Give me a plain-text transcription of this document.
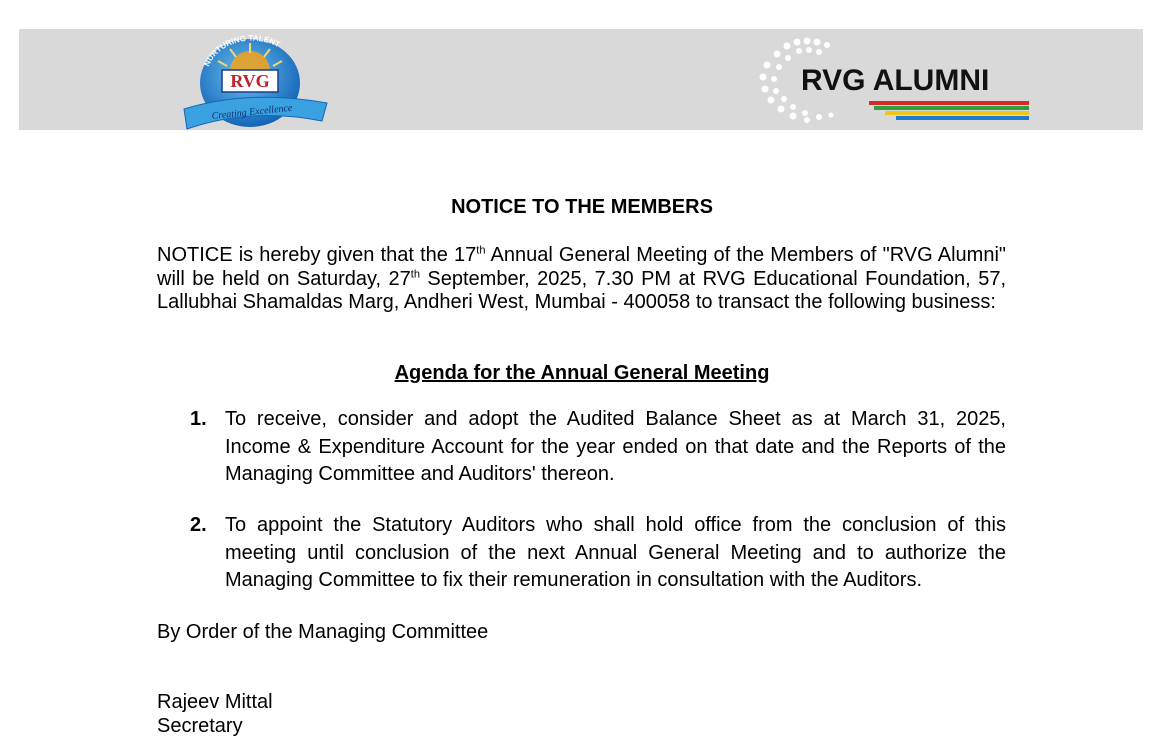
NURTURING TALENT
RVG
Creating Excellence
RVG ALUMNI
NOTICE TO THE MEMBERS
NOTICE is hereby given that the 17th Annual General Meeting of the Members of "RVG Alumni" will be held on Saturday, 27th September, 2025, 7.30 PM at RVG Educational Foundation, 57, Lallubhai Shamaldas Marg, Andheri West, Mumbai - 400058 to transact the following business:
Agenda for the Annual General Meeting
1. To receive, consider and adopt the Audited Balance Sheet as at March 31, 2025, Income & Expenditure Account for the year ended on that date and the Reports of the Managing Committee and Auditors' thereon.
2. To appoint the Statutory Auditors who shall hold office from the conclusion of this meeting until conclusion of the next Annual General Meeting and to authorize the Managing Committee to fix their remuneration in consultation with the Auditors.
By Order of the Managing Committee
Rajeev Mittal
Secretary
